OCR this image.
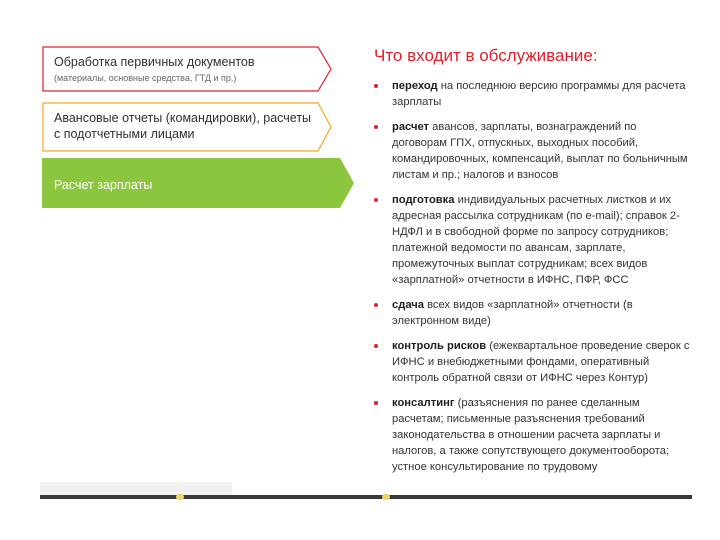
Обработка первичных документов
(материалы, основные средства, ГТД и пр.)
Авансовые отчеты (командировки), расчеты с подотчетными лицами
Расчет зарплаты
Что входит в обслуживание:
переход на последнюю версию программы для расчета зарплаты
расчет авансов, зарплаты, вознаграждений по договорам ГПХ, отпускных, выходных пособий, командировочных, компенсаций, выплат по больничным листам и пр.; налогов и взносов
подготовка индивидуальных расчетных листков и их адресная рассылка сотрудникам (по e-mail); справок 2-НДФЛ и в свободной форме по запросу сотрудников; платежной ведомости по авансам, зарплате, промежуточных выплат сотрудникам; всех видов «зарплатной» отчетности в ИФНС, ПФР, ФСС
сдача всех видов «зарплатной» отчетности (в электронном виде)
контроль рисков (ежеквартальное проведение сверок с ИФНС и внебюджетными фондами, оперативный контроль обратной связи от ИФНС через Контур)
консалтинг (разъяснения по ранее сделанным расчетам; письменные разъяснения требований законодательства в отношении расчета зарплаты и налогов, а также сопутствующего документооборота; устное консультирование по трудовому
